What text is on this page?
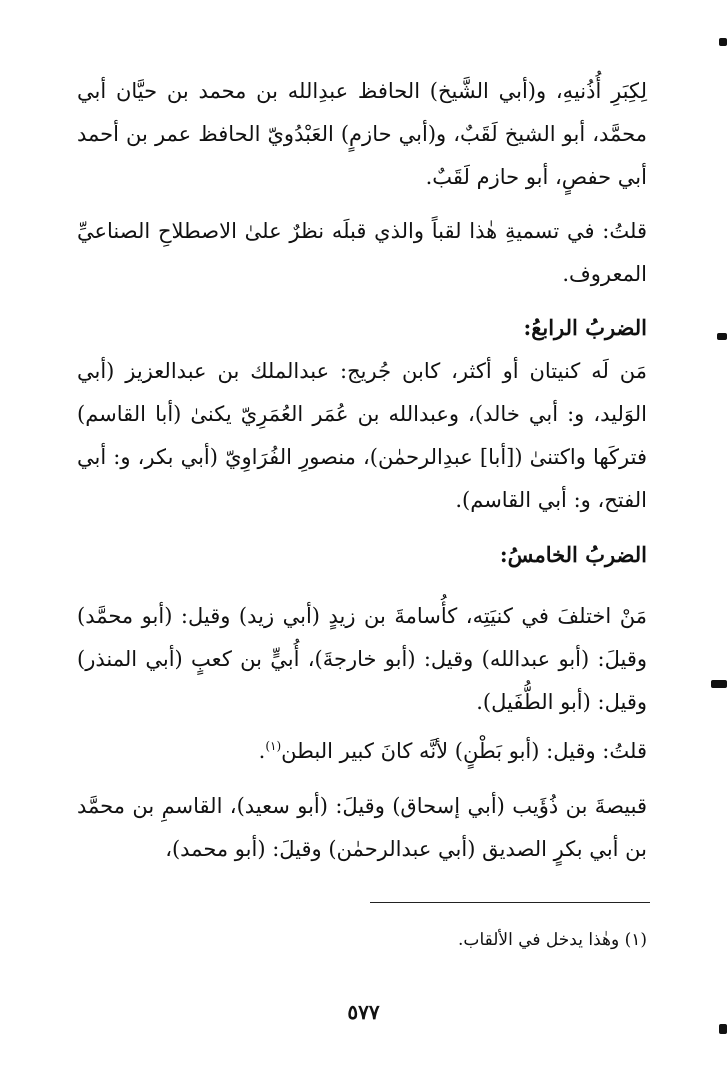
لِكِبَرِ أُذُنيهِ، و(أبي الشَّيخ) الحافظ عبدِالله بن محمد بن حيَّان أبي محمَّد، أبو الشيخ لَقَبٌ، و(أبي حازمٍ) العَبْدُويّ الحافظ عمر بن أحمد أبي حفصٍ، أبو حازم لَقَبٌ.

قلتُ: في تسميةِ هٰذا لقباً والذي قبلَه نظرٌ علىٰ الاصطلاحِ الصناعيِّ المعروف.

الضربُ الرابعُ:

مَن لَه كنيتان أو أكثر، كابن جُريج: عبدالملك بن عبدالعزيز (أبي الوَليد، و: أبي خالد)، وعبدالله بن عُمَر العُمَرِيّ يكنىٰ (أبا القاسم) فتركَها واكتنىٰ ([أبا] عبدِالرحمٰن)، منصورِ الفُرَاوِيّ (أبي بكر، و: أبي الفتح، و: أبي القاسم).

الضربُ الخامسُ:

مَنْ اختلفَ في كنيَتِه، كأُسامةَ بن زيدٍ (أبي زيد) وقيل: (أبو محمَّد) وقيلَ: (أبو عبدالله) وقيل: (أبو خارجةَ)، أُبيٍّ بن كعبٍ (أبي المنذر) وقيل: (أبو الطُّفَيل).

قلتُ: وقيل: (أبو بَطْنٍ) لأنَّه كانَ كبير البطن$^{(١)}$.

قبيصةَ بن ذُؤَيب (أبي إسحاق) وقيلَ: (أبو سعيد)، القاسمِ بن محمَّد بن أبي بكرٍ الصديق (أبي عبدالرحمٰن) وقيلَ: (أبو محمد)،

(١) وهٰذا يدخل في الألقاب.

٥٧٧
